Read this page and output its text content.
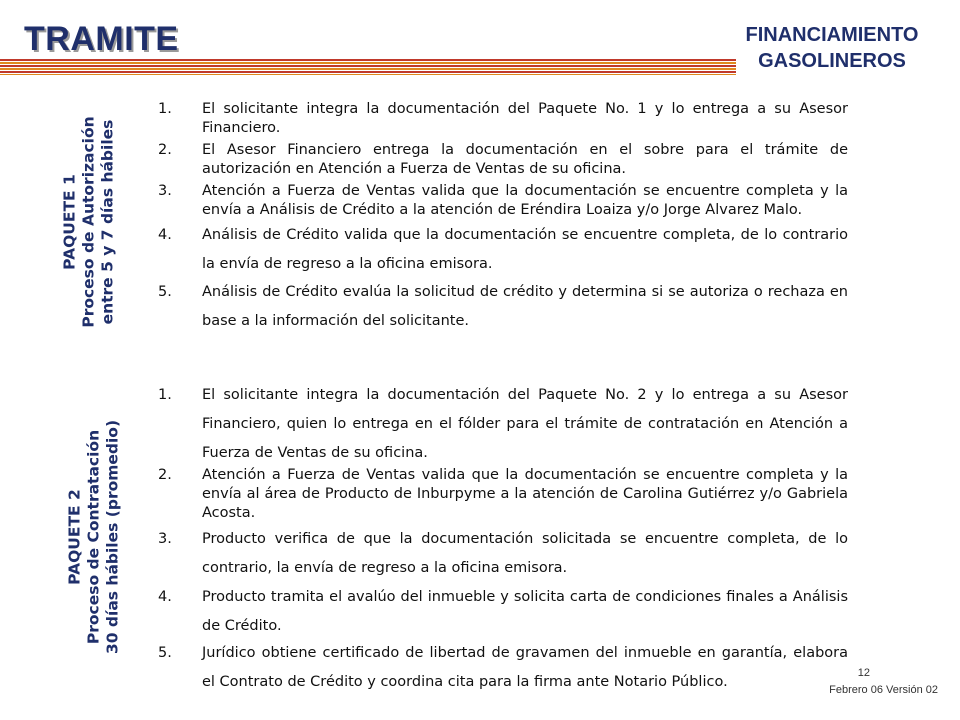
TRAMITE	FINANCIAMIENTO
GASOLINEROS
PAQUETE 1 Proceso de Autorización entre 5 y 7 días hábiles
1. El solicitante integra la documentación del Paquete No. 1 y lo entrega a su Asesor Financiero.
2. El Asesor Financiero entrega la documentación en el sobre para el trámite de autorización en Atención a Fuerza de Ventas de su oficina.
3. Atención a Fuerza de Ventas valida que la documentación se encuentre completa y la envía a Análisis de Crédito a la atención de Eréndira Loaiza y/o Jorge Alvarez Malo.
4. Análisis de Crédito valida que la documentación se encuentre completa, de lo contrario la envía de regreso a la oficina emisora.
5. Análisis de Crédito evalúa la solicitud de crédito y determina si se autoriza o rechaza en base a la información del solicitante.
PAQUETE 2 Proceso de Contratación 30 días hábiles (promedio)
1. El solicitante integra la documentación del Paquete No. 2 y lo entrega a su Asesor Financiero, quien lo entrega en el fólder para el trámite de contratación en Atención a Fuerza de Ventas de su oficina.
2. Atención a Fuerza de Ventas valida que la documentación se encuentre completa y la envía al área de Producto de Inburpyme a la atención de Carolina Gutiérrez y/o Gabriela Acosta.
3. Producto verifica de que la documentación solicitada se encuentre completa, de lo contrario, la envía de regreso a la oficina emisora.
4. Producto tramita el avalúo del inmueble y solicita carta de condiciones finales a Análisis de Crédito.
5. Jurídico obtiene certificado de libertad de gravamen del inmueble en garantía, elabora el Contrato de Crédito y coordina cita para la firma ante Notario Público.
12
Febrero 06 Versión 02
